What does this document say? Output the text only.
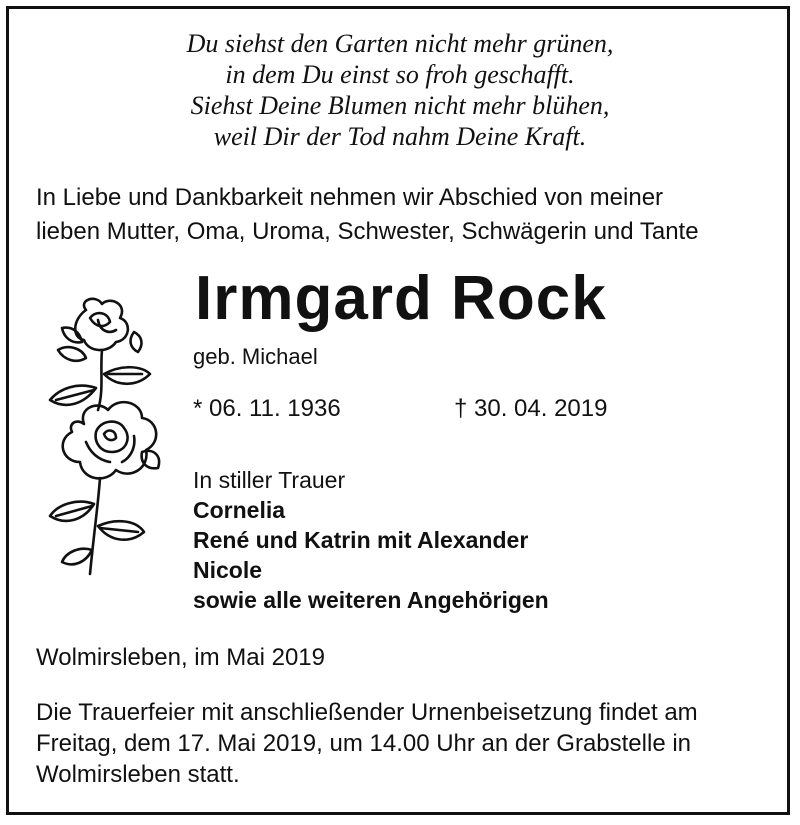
Du siehst den Garten nicht mehr grünen,
in dem Du einst so froh geschafft.
Siehst Deine Blumen nicht mehr blühen,
weil Dir der Tod nahm Deine Kraft.
In Liebe und Dankbarkeit nehmen wir Abschied von meiner
lieben Mutter, Oma, Uroma, Schwester, Schwägerin und Tante
Irmgard Rock
geb. Michael
* 06. 11. 1936	† 30. 04. 2019
In stiller Trauer
Cornelia
René und Katrin mit Alexander
Nicole
sowie alle weiteren Angehörigen
Wolmirsleben, im Mai 2019
Die Trauerfeier mit anschließender Urnenbeisetzung findet am
Freitag, dem 17. Mai 2019, um 14.00 Uhr an der Grabstelle in
Wolmirsleben statt.
